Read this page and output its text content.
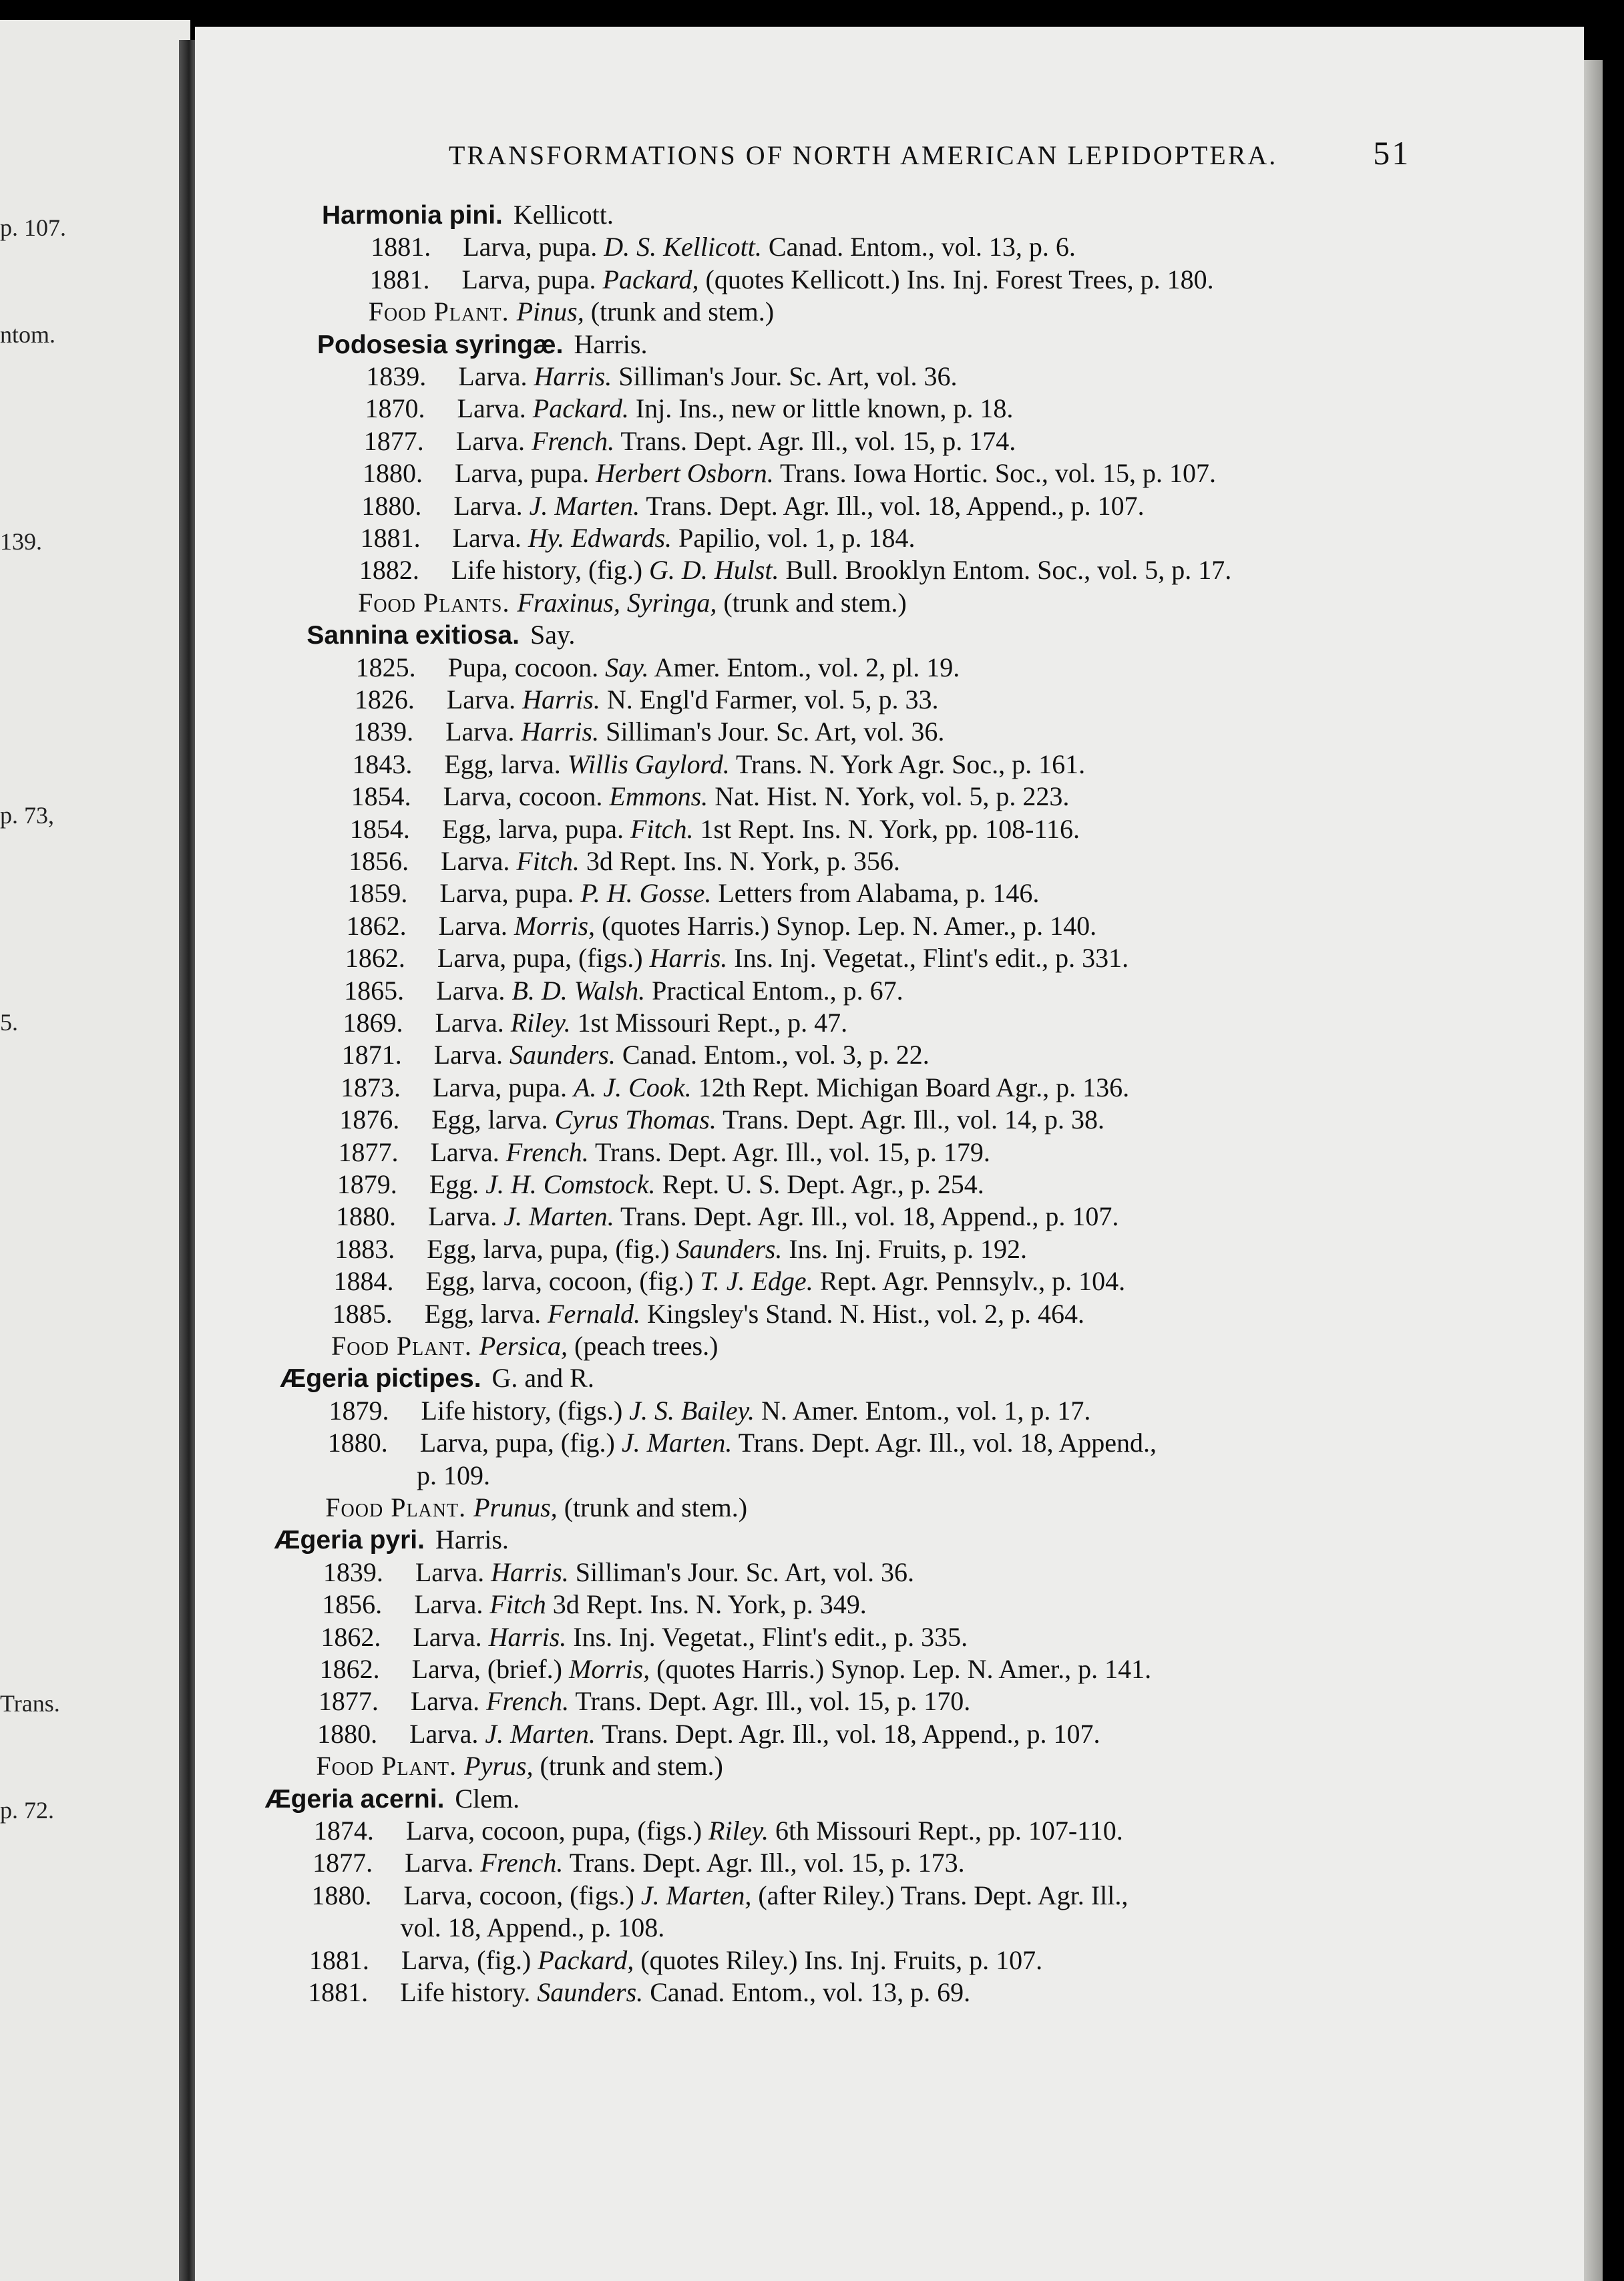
p. 107.
ntom.
139.
p. 73,
5.
Trans.
p. 72.
TRANSFORMATIONS OF NORTH AMERICAN LEPIDOPTERA.	51
Harmonia pini. Kellicott.
1881. Larva, pupa. D. S. Kellicott. Canad. Entom., vol. 13, p. 6.
1881. Larva, pupa. Packard, (quotes Kellicott.) Ins. Inj. Forest Trees, p. 180.
Food Plant. Pinus, (trunk and stem.)
Podosesia syringæ. Harris.
1839. Larva. Harris. Silliman's Jour. Sc. Art, vol. 36.
1870. Larva. Packard. Inj. Ins., new or little known, p. 18.
1877. Larva. French. Trans. Dept. Agr. Ill., vol. 15, p. 174.
1880. Larva, pupa. Herbert Osborn. Trans. Iowa Hortic. Soc., vol. 15, p. 107.
1880. Larva. J. Marten. Trans. Dept. Agr. Ill., vol. 18, Append., p. 107.
1881. Larva. Hy. Edwards. Papilio, vol. 1, p. 184.
1882. Life history, (fig.) G. D. Hulst. Bull. Brooklyn Entom. Soc., vol. 5, p. 17.
Food Plants. Fraxinus, Syringa, (trunk and stem.)
Sannina exitiosa. Say.
1825. Pupa, cocoon. Say. Amer. Entom., vol. 2, pl. 19.
1826. Larva. Harris. N. Engl'd Farmer, vol. 5, p. 33.
1839. Larva. Harris. Silliman's Jour. Sc. Art, vol. 36.
1843. Egg, larva. Willis Gaylord. Trans. N. York Agr. Soc., p. 161.
1854. Larva, cocoon. Emmons. Nat. Hist. N. York, vol. 5, p. 223.
1854. Egg, larva, pupa. Fitch. 1st Rept. Ins. N. York, pp. 108-116.
1856. Larva. Fitch. 3d Rept. Ins. N. York, p. 356.
1859. Larva, pupa. P. H. Gosse. Letters from Alabama, p. 146.
1862. Larva. Morris, (quotes Harris.) Synop. Lep. N. Amer., p. 140.
1862. Larva, pupa, (figs.) Harris. Ins. Inj. Vegetat., Flint's edit., p. 331.
1865. Larva. B. D. Walsh. Practical Entom., p. 67.
1869. Larva. Riley. 1st Missouri Rept., p. 47.
1871. Larva. Saunders. Canad. Entom., vol. 3, p. 22.
1873. Larva, pupa. A. J. Cook. 12th Rept. Michigan Board Agr., p. 136.
1876. Egg, larva. Cyrus Thomas. Trans. Dept. Agr. Ill., vol. 14, p. 38.
1877. Larva. French. Trans. Dept. Agr. Ill., vol. 15, p. 179.
1879. Egg. J. H. Comstock. Rept. U. S. Dept. Agr., p. 254.
1880. Larva. J. Marten. Trans. Dept. Agr. Ill., vol. 18, Append., p. 107.
1883. Egg, larva, pupa, (fig.) Saunders. Ins. Inj. Fruits, p. 192.
1884. Egg, larva, cocoon, (fig.) T. J. Edge. Rept. Agr. Pennsylv., p. 104.
1885. Egg, larva. Fernald. Kingsley's Stand. N. Hist., vol. 2, p. 464.
Food Plant. Persica, (peach trees.)
Ægeria pictipes. G. and R.
1879. Life history, (figs.) J. S. Bailey. N. Amer. Entom., vol. 1, p. 17.
1880. Larva, pupa, (fig.) J. Marten. Trans. Dept. Agr. Ill., vol. 18, Append.,
p. 109.
Food Plant. Prunus, (trunk and stem.)
Ægeria pyri. Harris.
1839. Larva. Harris. Silliman's Jour. Sc. Art, vol. 36.
1856. Larva. Fitch 3d Rept. Ins. N. York, p. 349.
1862. Larva. Harris. Ins. Inj. Vegetat., Flint's edit., p. 335.
1862. Larva, (brief.) Morris, (quotes Harris.) Synop. Lep. N. Amer., p. 141.
1877. Larva. French. Trans. Dept. Agr. Ill., vol. 15, p. 170.
1880. Larva. J. Marten. Trans. Dept. Agr. Ill., vol. 18, Append., p. 107.
Food Plant. Pyrus, (trunk and stem.)
Ægeria acerni. Clem.
1874. Larva, cocoon, pupa, (figs.) Riley. 6th Missouri Rept., pp. 107-110.
1877. Larva. French. Trans. Dept. Agr. Ill., vol. 15, p. 173.
1880. Larva, cocoon, (figs.) J. Marten, (after Riley.) Trans. Dept. Agr. Ill.,
vol. 18, Append., p. 108.
1881. Larva, (fig.) Packard, (quotes Riley.) Ins. Inj. Fruits, p. 107.
1881. Life history. Saunders. Canad. Entom., vol. 13, p. 69.
